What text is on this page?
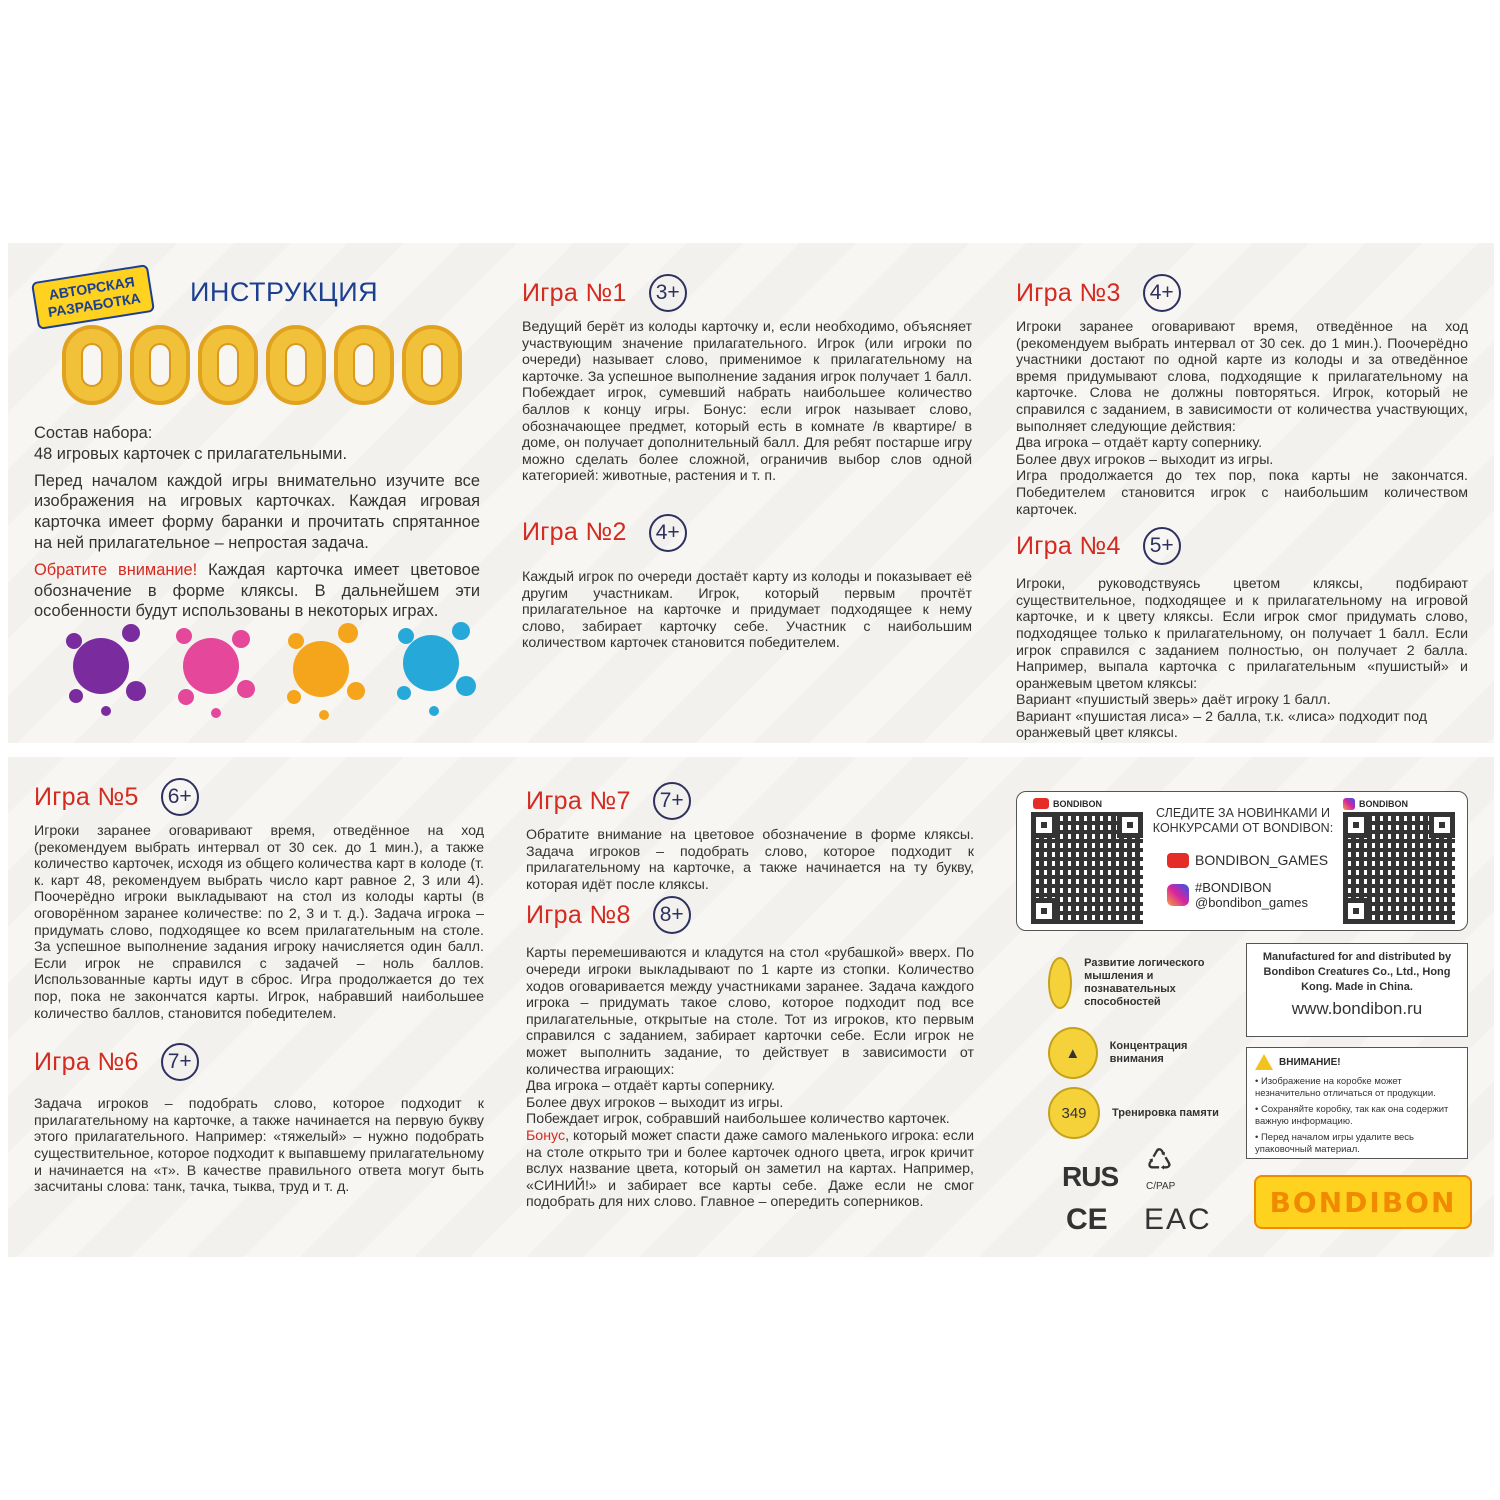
АВТОРСКАЯ РАЗРАБОТКА	ИНСТРУКЦИЯ

Состав набора:

48 игровых карточек с прилагательными.

Перед началом каждой игры внимательно изучите все изображения на игровых карточках. Каждая игровая карточка имеет форму баранки и прочитать спрятанное на ней прилагательное – непростая задача.

Обратите внимание! Каждая карточка имеет цветовое обозначение в форме кляксы. В дальнейшем эти особенности будут использованы в некоторых играх.

Игра №1	3+

Ведущий берёт из колоды карточку и, если необходимо, объясняет участвующим значение прилагательного. Игрок (или игроки по очереди) называет слово, применимое к прилагательному на карточке. За успешное выполнение задания игрок получает 1 балл. Побеждает игрок, сумевший набрать наибольшее количество баллов к концу игры. Бонус: если игрок называет слово, обозначающее предмет, который есть в комнате /в квартире/ в доме, он получает дополнительный балл. Для ребят постарше игру можно сделать более сложной, ограничив выбор слов одной категорией: животные, растения и т. п.

Игра №2	4+

Каждый игрок по очереди достаёт карту из колоды и показывает её другим участникам. Игрок, который первым прочтёт прилагательное на карточке и придумает подходящее к нему слово, забирает карточку себе. Участник с наибольшим количеством карточек становится победителем.

Игра №3	4+

Игроки заранее оговаривают время, отведённое на ход (рекомендуем выбрать интервал от 30 сек. до 1 мин.). Поочерёдно участники достают по одной карте из колоды и за отведённое время придумывают слова, подходящие к прилагательному на карточке. Слова не должны повторяться. Игрок, который не справился с заданием, в зависимости от количества участвующих, выполняет следующие действия:

Два игрока – отдаёт карту сопернику.

Более двух игроков – выходит из игры.

Игра продолжается до тех пор, пока карты не закончатся. Победителем становится игрок с наибольшим количеством карточек.

Игра №4	5+

Игроки, руководствуясь цветом кляксы, подбирают существительное, подходящее и к прилагательному на игровой карточке, и к цвету кляксы. Если игрок смог придумать слово, подходящее только к прилагательному, он получает 1 балл. Если игрок справился с заданием полностью, он получает 2 балла. Например, выпала карточка с прилагательным «пушистый» и оранжевым цветом кляксы:

Вариант «пушистый зверь» даёт игроку 1 балл.

Вариант «пушистая лиса» – 2 балла, т.к. «лиса» подходит под оранжевый цвет кляксы.

Игра №5	6+

Игроки заранее оговаривают время, отведённое на ход (рекомендуем выбрать интервал от 30 сек. до 1 мин.), а также количество карточек, исходя из общего количества карт в колоде (т. к. карт 48, рекомендуем выбрать число карт равное 2, 3 или 4). Поочерёдно игроки выкладывают на стол из колоды карты (в оговорённом заранее количестве: по 2, 3 и т. д.). Задача игрока – придумать слово, подходящее ко всем прилагательным на столе. За успешное выполнение задания игроку начисляется один балл. Если игрок не справился с задачей – ноль баллов. Использованные карты идут в сброс. Игра продолжается до тех пор, пока не закончатся карты. Игрок, набравший наибольшее количество баллов, становится победителем.

Игра №6	7+

Задача игроков – подобрать слово, которое подходит к прилагательному на карточке, а также начинается на первую букву этого прилагательного. Например: «тяжелый» – нужно подобрать существительное, которое подходит к выпавшему прилагательному и начинается на «т». В качестве правильного ответа могут быть засчитаны слова: танк, тачка, тыква, труд и т. д.

Игра №7	7+

Обратите внимание на цветовое обозначение в форме кляксы. Задача игроков – подобрать слово, которое подходит к прилагательному на карточке, а также начинается на ту букву, которая идёт после кляксы.

Игра №8	8+

Карты перемешиваются и кладутся на стол «рубашкой» вверх. По очереди игроки выкладывают по 1 карте из стопки. Количество ходов оговаривается между участниками заранее. Задача каждого игрока – придумать такое слово, которое подходит под все прилагательные, открытые на столе. Тот из игроков, кто первым справился с заданием, забирает карточки себе. Если игрок не может выполнить задание, то действует в зависимости от количества играющих:

Два игрока – отдаёт карты сопернику.

Более двух игроков – выходит из игры.

Побеждает игрок, собравший наибольшее количество карточек.

Бонус, который может спасти даже самого маленького игрока: если на столе открыто три и более карточек одного цвета, игрок кричит вслух название цвета, который он заметил на картах. Например, «СИНИЙ!» и забирает все карты себе. Даже если не смог подобрать для них слово. Главное – опередить соперников.

BONDIBON
СЛЕДИТЕ ЗА НОВИНКАМИ И КОНКУРСАМИ ОТ BONDIBON:
BONDIBON_GAMES
#BONDIBON
@bondibon_games
BONDIBON
Развитие логического мышления и познавательных способностей
▲	Концентрация внимания
349	Тренировка памяти
Manufactured for and distributed by Bondibon Creatures Co., Ltd., Hong Kong. Made in China.
www.bondibon.ru
ВНИМАНИЕ!

• Изображение на коробке может незначительно отличаться от продукции.

• Сохраняйте коробку, так как она содержит важную информацию.

• Перед началом игры удалите весь упаковочный материал.

RUS
CE
♺
C/PAP
EAC
BONDIBON
